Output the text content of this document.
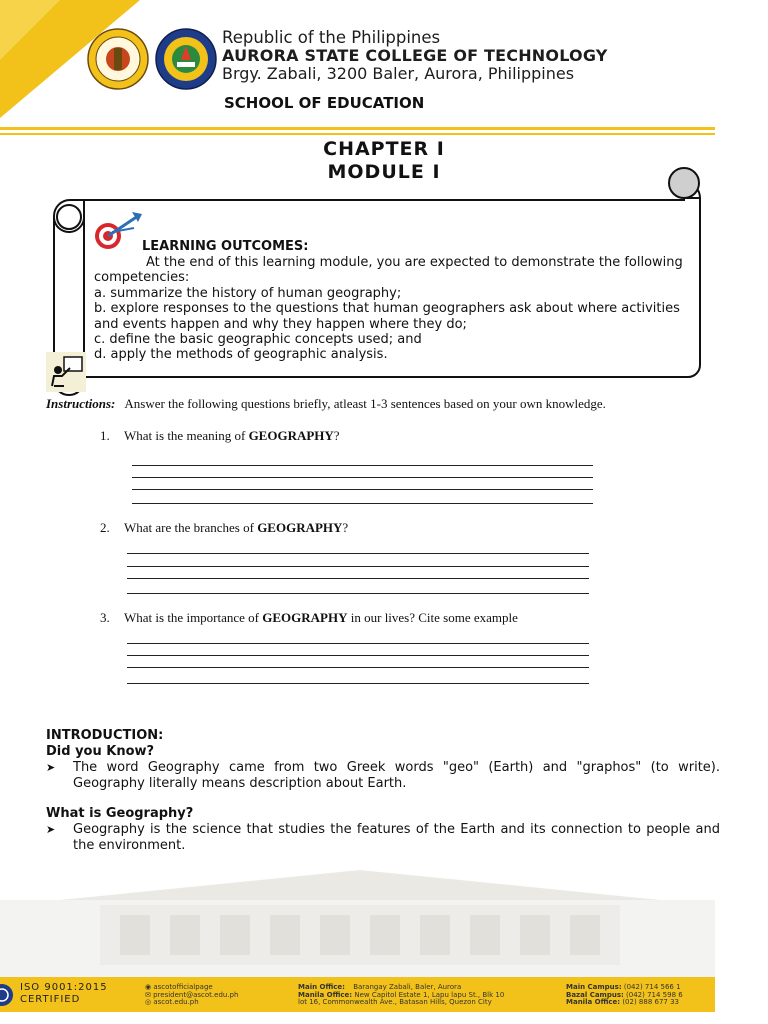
Republic of the Philippines
AURORA STATE COLLEGE OF TECHNOLOGY
Brgy. Zabali, 3200 Baler, Aurora, Philippines
SCHOOL OF EDUCATION
CHAPTER I
MODULE I
LEARNING OUTCOMES:

At the end of this learning module, you are expected to demonstrate the following competencies:

a. summarize the history of human geography;

b. explore responses to the questions that human geographers ask about where activities and events happen and why they happen where they do;

c. define the basic geographic concepts used; and

d. apply the methods of geographic analysis.

Instructions: Answer the following questions briefly, atleast 1-3 sentences based on your own knowledge.
1. What is the meaning of GEOGRAPHY?
2. What are the branches of GEOGRAPHY?
3. What is the importance of GEOGRAPHY in our lives? Cite some example
INTRODUCTION:
Did you Know?
➤ The word Geography came from two Greek words "geo" (Earth) and "graphos" (to write). Geography literally means description about Earth.
What is Geography?
➤ Geography is the science that studies the features of the Earth and its connection to people and the environment.
ISO 9001:2015
CERTIFIED
◉ ascotofficialpage
✉ president@ascot.edu.ph
◎ ascot.edu.ph
Main Office: Barangay Zabali, Baler, Aurora
Manila Office: New Capitol Estate 1, Lapu lapu St., Blk 10
lot 16, Commonwealth Ave., Batasan Hills, Quezon City
Main Campus: (042) 714 566 1
Bazal Campus: (042) 714 598 6
Manila Office: (02) 888 677 33
